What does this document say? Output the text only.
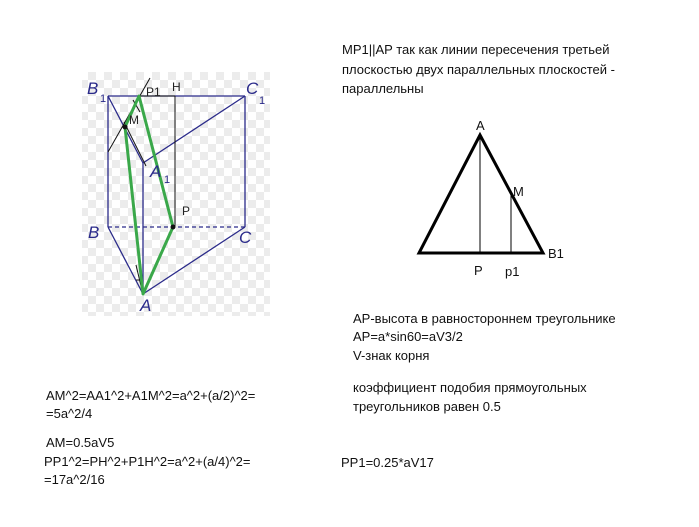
B
1
C
1
A 1
B	C
A
P1 H
M
P
A
M
B1
P p1
MP1||AP так как линии пересечения третьей
плоскостью двух параллельных плоскостей -
параллельны
AP-высота в равностороннем треугольнике
AP=a*sin60=aV3/2
V-знак корня
коэффициент подобия прямоугольных
треугольников равен 0.5
AM^2=AA1^2+A1M^2=a^2+(a/2)^2=
=5a^2/4
AM=0.5aV5
PP1^2=PH^2+P1H^2=a^2+(a/4)^2=
=17a^2/16
PP1=0.25*aV17
